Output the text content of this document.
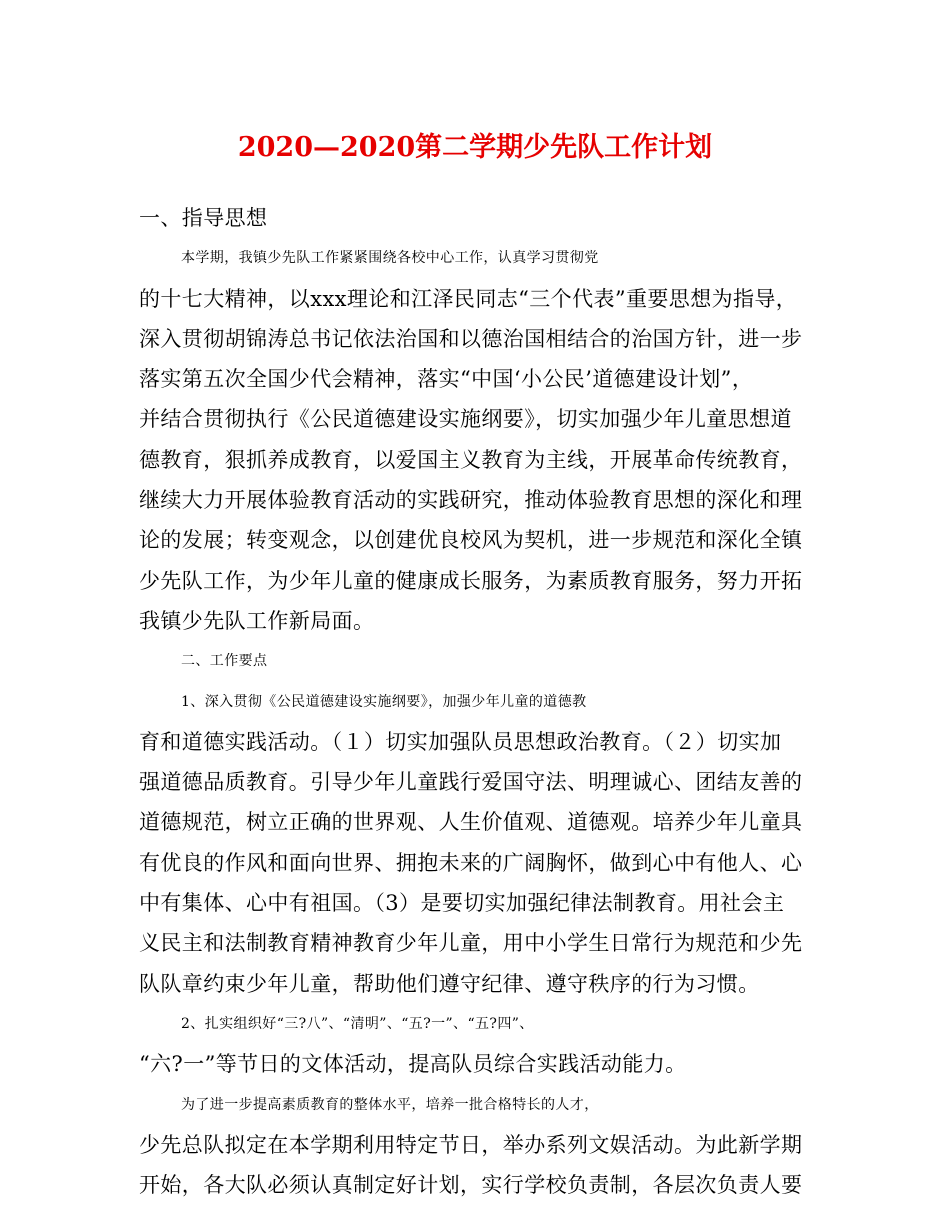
2020—2020第二学期少先队工作计划
一、指导思想
本学期，我镇少先队工作紧紧围绕各校中心工作，认真学习贯彻党
的十七大精神，以xxx理论和江泽民同志“三个代表”重要思想为指导，
深入贯彻胡锦涛总书记依法治国和以德治国相结合的治国方针，进一步
落实第五次全国少代会精神，落实“中国‘小公民’道德建设计划”，
并结合贯彻执行《公民道德建设实施纲要》，切实加强少年儿童思想道
德教育，狠抓养成教育，以爱国主义教育为主线，开展革命传统教育，
继续大力开展体验教育活动的实践研究，推动体验教育思想的深化和理
论的发展；转变观念，以创建优良校风为契机，进一步规范和深化全镇
少先队工作，为少年儿童的健康成长服务，为素质教育服务，努力开拓
我镇少先队工作新局面。
二、工作要点
1、深入贯彻《公民道德建设实施纲要》，加强少年儿童的道德教
育和道德实践活动。（１）切实加强队员思想政治教育。（２）切实加
强道德品质教育。引导少年儿童践行爱国守法、明理诚心、团结友善的
道德规范，树立正确的世界观、人生价值观、道德观。培养少年儿童具
有优良的作风和面向世界、拥抱未来的广阔胸怀，做到心中有他人、心
中有集体、心中有祖国。（3）是要切实加强纪律法制教育。用社会主
义民主和法制教育精神教育少年儿童，用中小学生日常行为规范和少先
队队章约束少年儿童，帮助他们遵守纪律、遵守秩序的行为习惯。
2、扎实组织好“三?八”、“清明”、“五?一”、“五?四”、
“六?一”等节日的文体活动，提高队员综合实践活动能力。
为了进一步提高素质教育的整体水平，培养一批合格特长的人才，
少先总队拟定在本学期利用特定节日，举办系列文娱活动。为此新学期
开始，各大队必须认真制定好计划，实行学校负责制，各层次负责人要
